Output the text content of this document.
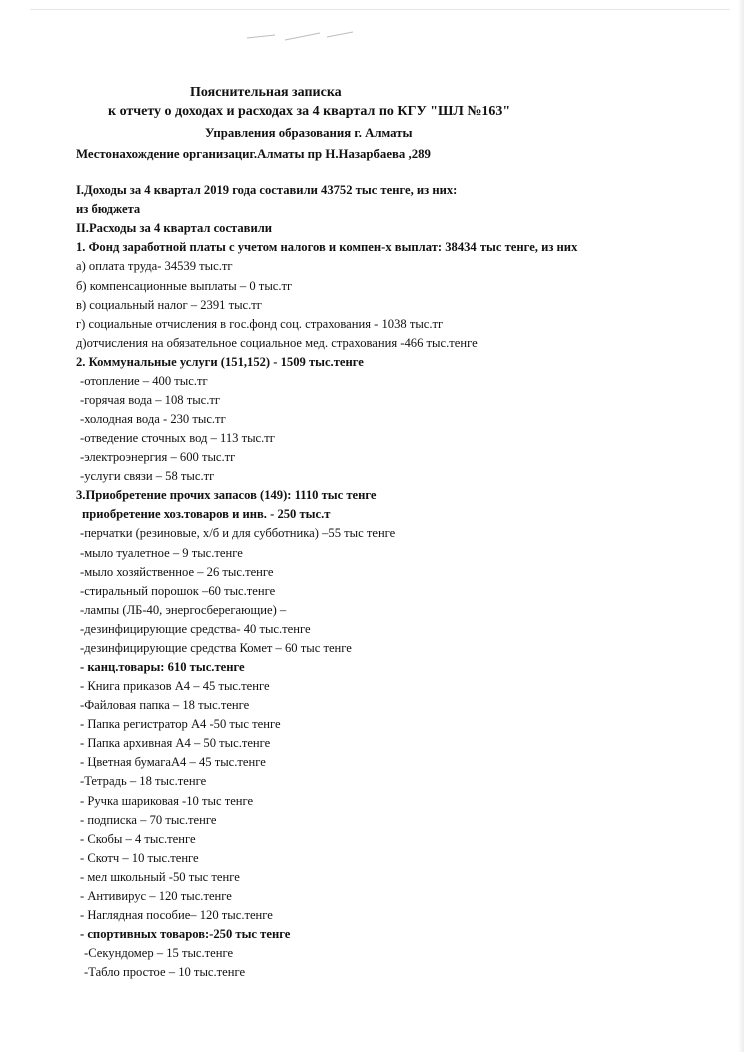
Пояснительная записка
к отчету о доходах и расходах за 4 квартал по КГУ "ШЛ №163"
Управления образования г. Алматы
Местонахождение организациг.Алматы пр Н.Назарбаева ,289
I.Доходы за 4 квартал 2019 года составили 43752 тыс тенге, из них:
из бюджета
II.Расходы за 4 квартал составили
1. Фонд заработной платы с учетом налогов и компен-х выплат: 38434 тыс тенге, из них
а) оплата труда- 34539 тыс.тг
б) компенсационные выплаты – 0 тыс.тг
в) социальный налог – 2391 тыс.тг
г) социальные отчисления в гос.фонд соц. страхования - 1038 тыс.тг
д)отчисления на обязательное социальное мед. страхования -466 тыс.тенге
2. Коммунальные услуги (151,152) - 1509 тыс.тенге
-отопление – 400 тыс.тг
-горячая вода – 108 тыс.тг
-холодная вода - 230 тыс.тг
-отведение сточных вод – 113 тыс.тг
-электроэнергия – 600 тыс.тг
-услуги связи – 58 тыс.тг
3.Приобретение прочих запасов (149): 1110 тыс тенге
приобретение хоз.товаров и инв. - 250 тыс.т
-перчатки (резиновые, х/б и для субботника) –55 тыс тенге
-мыло туалетное – 9 тыс.тенге
-мыло хозяйственное – 26 тыс.тенге
-стиральный порошок –60 тыс.тенге
-лампы (ЛБ-40, энергосберегающие) –
-дезинфицирующие средства- 40 тыс.тенге
-дезинфицирующие средства Комет – 60 тыс тенге
- канц.товары: 610 тыс.тенге
- Книга приказов А4 – 45 тыс.тенге
-Файловая папка – 18 тыс.тенге
- Папка регистратор А4 -50 тыс тенге
- Папка архивная А4 – 50 тыс.тенге
- Цветная бумагаА4 – 45 тыс.тенге
-Тетрадь – 18 тыс.тенге
- Ручка шариковая -10 тыс тенге
- подписка – 70 тыс.тенге
- Скобы – 4 тыс.тенге
- Скотч – 10 тыс.тенге
- мел школьный -50 тыс тенге
- Антивирус – 120 тыс.тенге
- Наглядная пособие– 120 тыс.тенге
- спортивных товаров:-250 тыс тенге
-Секундомер – 15 тыс.тенге
-Табло простое – 10 тыс.тенге
